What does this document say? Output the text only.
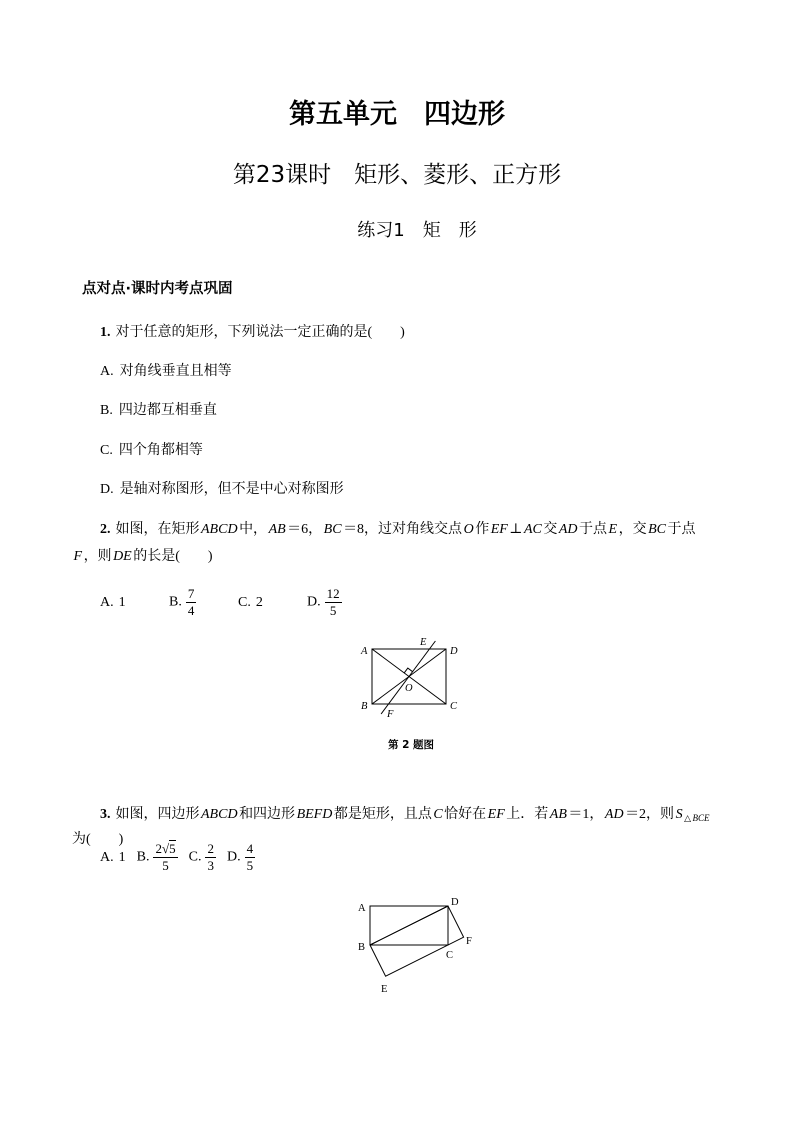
第五单元　四边形
第23课时　矩形、菱形、正方形
练习1　矩　形
点对点·课时内考点巩固
1. 对于任意的矩形，下列说法一定正确的是(　　)
A. 对角线垂直且相等
B. 四边都互相垂直
C. 四个角都相等
D. 是轴对称图形，但不是中心对称图形
2. 如图，在矩形 ABCD 中， AB ＝6， BC ＝8，过对角线交点 O 作 EF ⊥ AC 交 AD 于点 E ，交 BC 于点
F ，则 DE 的长是(　　)
A. 1	B. $\frac{7}{4}$	C. 2	D. $\frac{12}{5}$
A	D
B	C
E
F
O
第 2 题图
3. 如图，四边形 ABCD 和四边形 BEFD 都是矩形，且点 C 恰好在 EF 上．若 AB ＝1， AD ＝2，则 S $_\triangle$ $_{BCE}$
为(　　)
A. 1 B. $\frac{2√5}{5} C$. $\frac{2}{3} D$. $\frac{4}{5}$
A
D
B
C
F
E
